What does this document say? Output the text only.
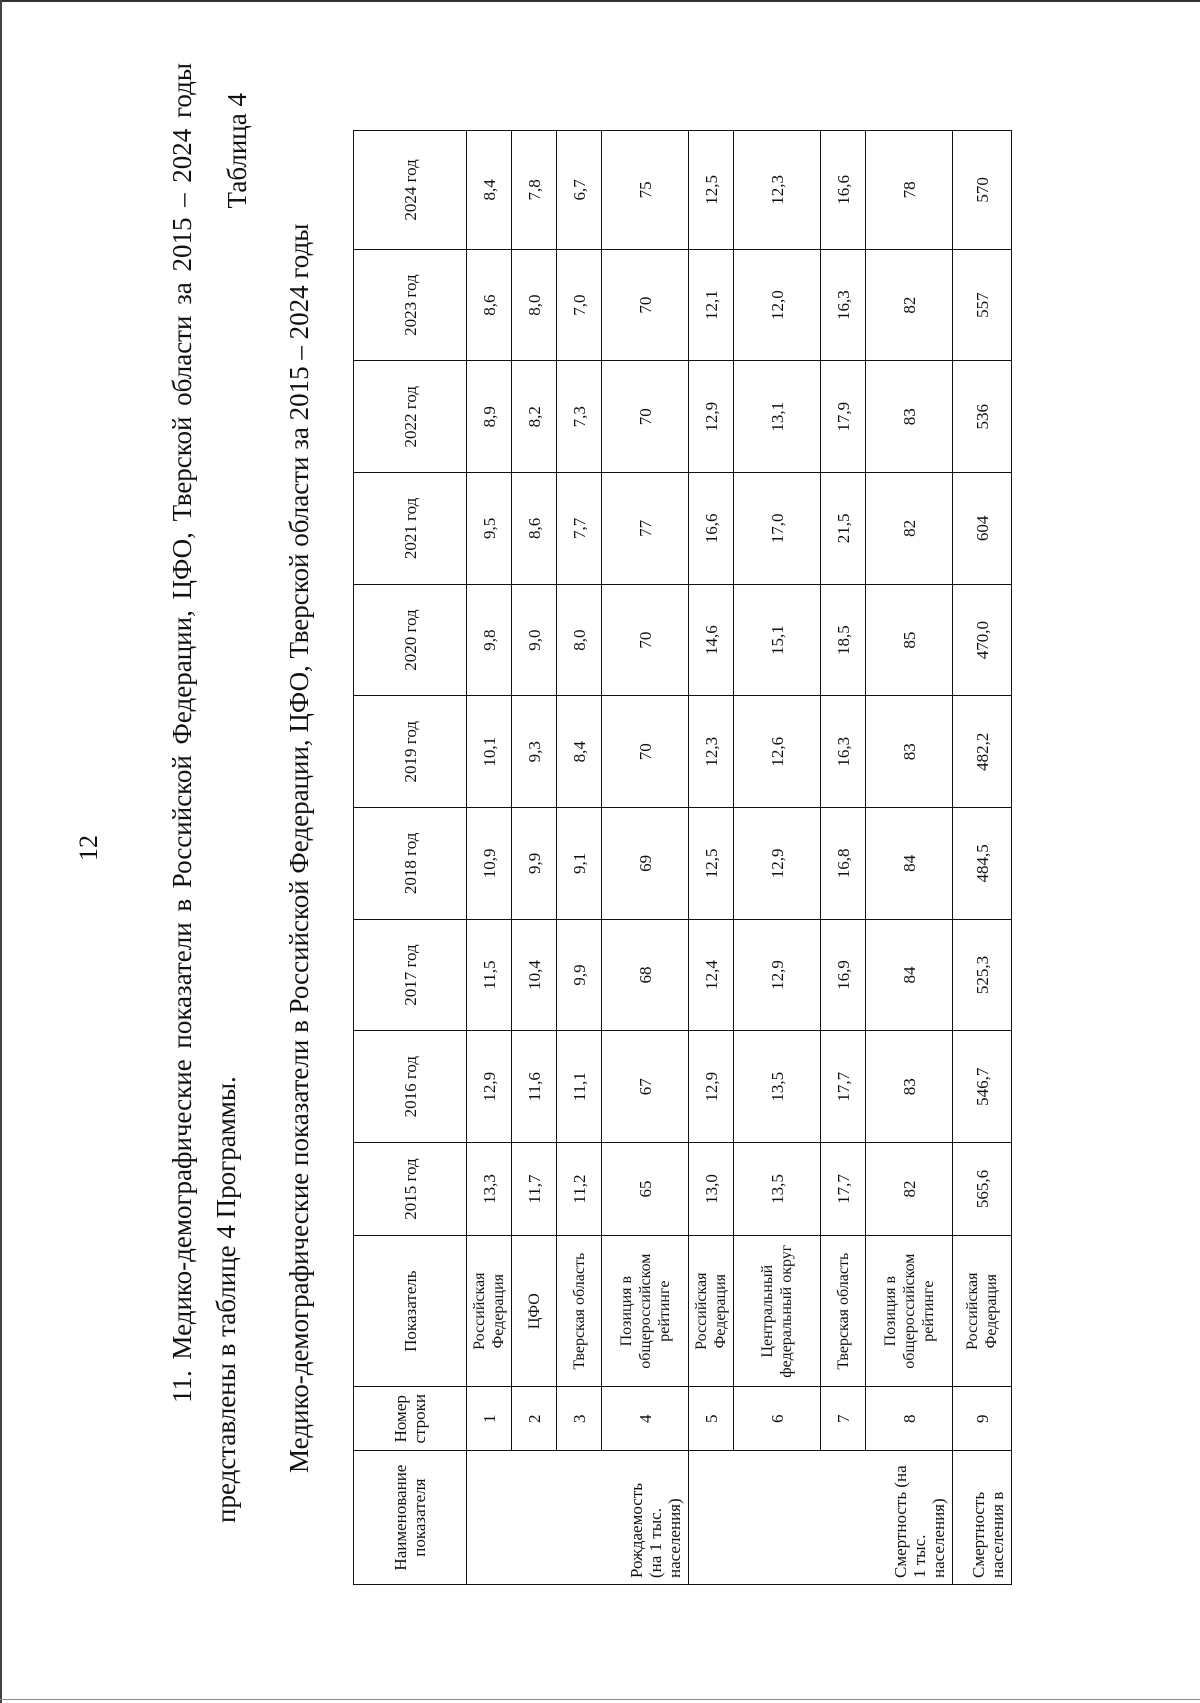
12 11. Медико-демографические показатели в Российской Федерации, ЦФО, Тверской области за 2015 – 2024 годы представлены в таблице 4 Программы.
Таблица 4
Медико-демографические показатели в Российской Федерации, ЦФО, Тверской области за 2015 – 2024 годы
Наименование показателя	Номер строки	Показатель	2015 год	2016 год	2017 год	2018 год	2019 год	2020 год	2021 год	2022 год	2023 год	2024 год
Рождаемость (на 1 тыс. населения)	1	Российская Федерация	13,3	12,9	11,5	10,9	10,1	9,8	9,5	8,9	8,6	8,4
	2	ЦФО	11,7	11,6	10,4	9,9	9,3	9,0	8,6	8,2	8,0	7,8
	3	Тверская область	11,2	11,1	9,9	9,1	8,4	8,0	7,7	7,3	7,0	6,7
	4	Позиция в общероссийском рейтинге	65	67	68	69	70	70	77	70	70	75
Смертность (на 1 тыс. населения)	5	Российская Федерация	13,0	12,9	12,4	12,5	12,3	14,6	16,6	12,9	12,1	12,5
	6	Центральный федеральный округ	13,5	13,5	12,9	12,9	12,6	15,1	17,0	13,1	12,0	12,3
	7	Тверская область	17,7	17,7	16,9	16,8	16,3	18,5	21,5	17,9	16,3	16,6
	8	Позиция в общероссийском рейтинге	82	83	84	84	83	85	82	83	82	78
Смертность населения в	9	Российская Федерация	565,6	546,7	525,3	484,5	482,2	470,0	604	536	557	570
